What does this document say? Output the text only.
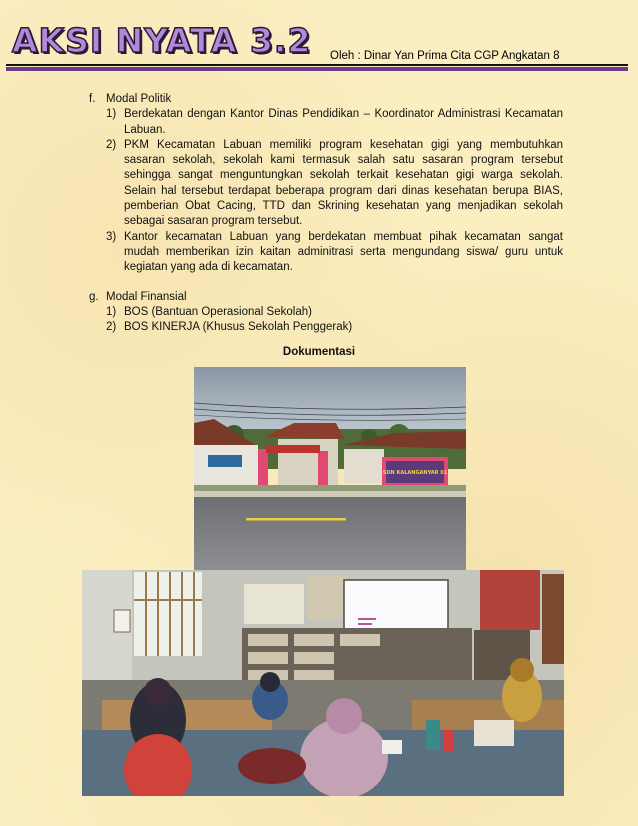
AKSI NYATA 3.2 Oleh : Dinar Yan Prima Cita CGP Angkatan 8
f. Modal Politik
1) Berdekatan dengan Kantor Dinas Pendidikan – Koordinator Administrasi Kecamatan Labuan.
2) PKM Kecamatan Labuan memiliki program kesehatan gigi yang membutuhkan sasaran sekolah, sekolah kami termasuk salah satu sasaran program tersebut sehingga sangat menguntungkan sekolah terkait kesehatan gigi warga sekolah. Selain hal tersebut terdapat beberapa program dari dinas kesehatan berupa BIAS, pemberian Obat Cacing, TTD dan Skrining kesehatan yang menjadikan sekolah sebagai sasaran program tersebut.
3) Kantor kecamatan Labuan yang berdekatan membuat pihak kecamatan sangat mudah memberikan izin kaitan adminitrasi serta mengundang siswa/ guru untuk kegiatan yang ada di kecamatan.
g. Modal Finansial
1) BOS (Bantuan Operasional Sekolah)
2) BOS KINERJA (Khusus Sekolah Penggerak)
Dokumentasi
SDN KALANGANYAR 01
